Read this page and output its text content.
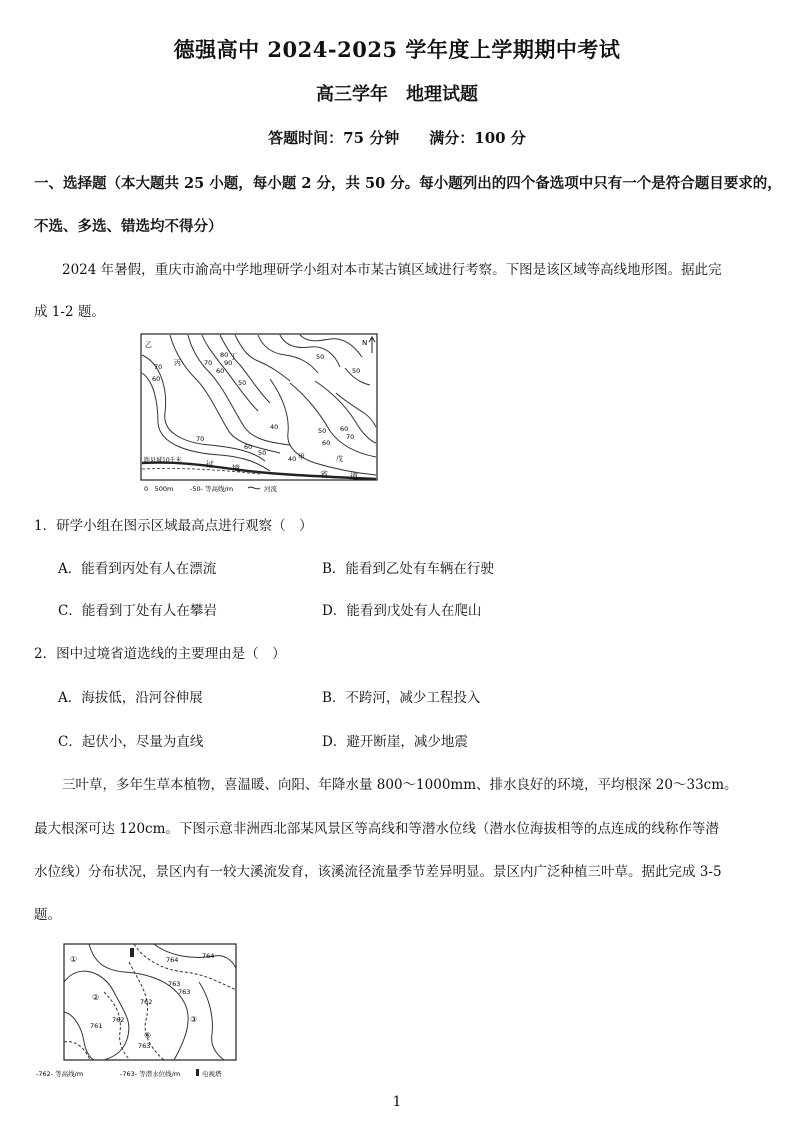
德强高中 2024-2025 学年度上学期期中考试
高三学年　地理试题
答题时间：75 分钟　　满分：100 分
一、选择题（本大题共 25 小题，每小题 2 分，共 50 分。每小题列出的四个备选项中只有一个是符合题目要求的，
不选、多选、错选均不得分）
2024 年暑假，重庆市渝高中学地理研学小组对本市某古镇区域进行考察。下图是该区域等高线地形图。据此完
成 1-2 题。
距县城10千米	过 境
省	道
N
丙
丁
甲	戊
乙
70
60
70
80
90
60
50
50
50
60
70
40
50
60
70
50
60
40
0　500m	-50- 等高线/m	河流
1．研学小组在图示区域最高点进行观察（　）
A．能看到丙处有人在漂流	B．能看到乙处有车辆在行驶
C．能看到丁处有人在攀岩	D．能看到戊处有人在爬山
2．图中过境省道选线的主要理由是（　）
A．海拔低，沿河谷伸展	B．不跨河，减少工程投入
C．起伏小，尽量为直线	D．避开断崖，减少地震
三叶草，多年生草本植物，喜温暖、向阳、年降水量 800～1000mm、排水良好的环境，平均根深 20～33cm。
最大根深可达 120cm。下图示意非洲西北部某风景区等高线和等潜水位线（潜水位海拔相等的点连成的线称作等潜
水位线）分布状况，景区内有一较大溪流发育，该溪流径流量季节差异明显。景区内广泛种植三叶草。据此完成 3-5
题。
①
②
③
④
764
764
763
762
762
761
763
763
-762- 等高线/m	-763- 等潜水位线/m	电视塔
1
